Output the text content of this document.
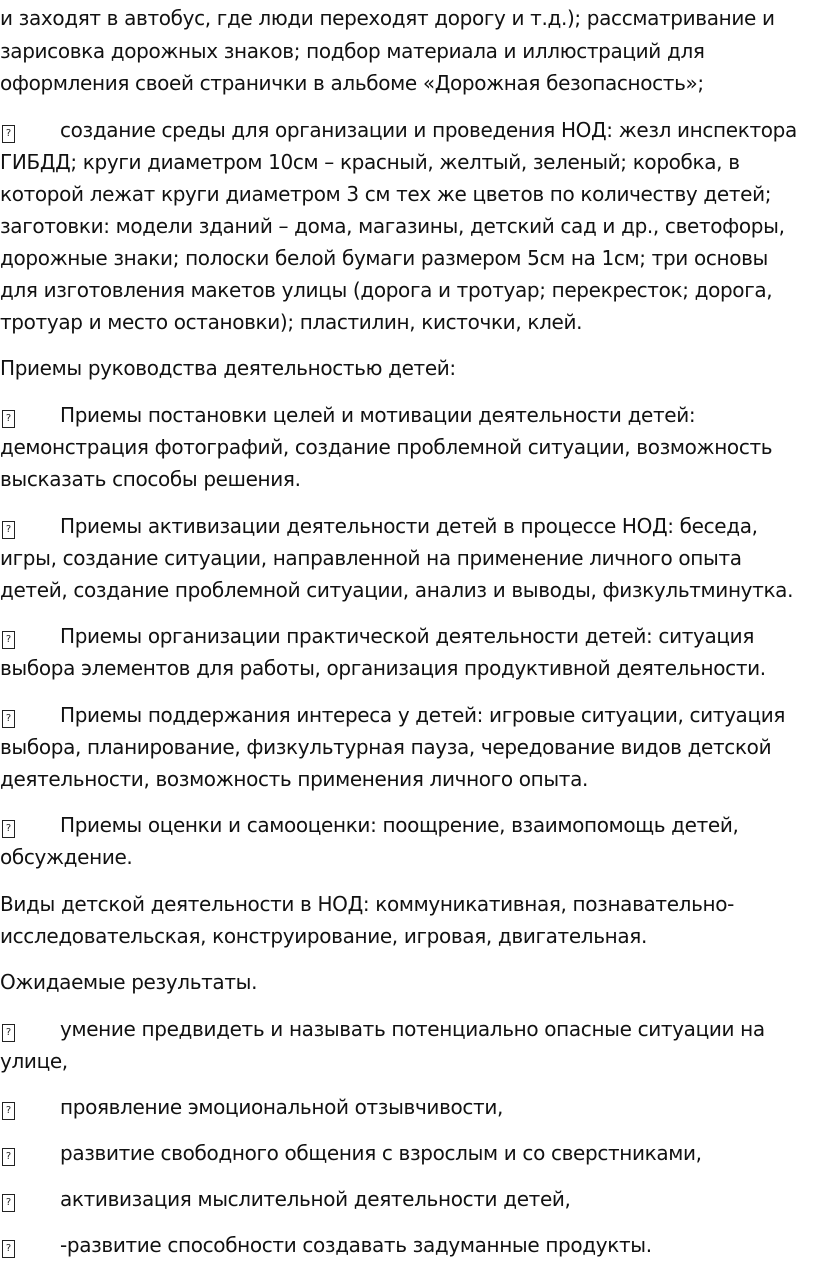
и заходят в автобус, где люди переходят дорогу и т.д.); рассматривание и
зарисовка дорожных знаков; подбор материала и иллюстраций для
оформления своей странички в альбоме «Дорожная безопасность»;
? создание среды для организации и проведения НОД: жезл инспектора
ГИБДД; круги диаметром 10см – красный, желтый, зеленый; коробка, в
которой лежат круги диаметром 3 см тех же цветов по количеству детей;
заготовки: модели зданий – дома, магазины, детский сад и др., светофоры,
дорожные знаки; полоски белой бумаги размером 5см на 1см; три основы
для изготовления макетов улицы (дорога и тротуар; перекресток; дорога,
тротуар и место остановки); пластилин, кисточки, клей.
Приемы руководства деятельностью детей:
? Приемы постановки целей и мотивации деятельности детей:
демонстрация фотографий, создание проблемной ситуации, возможность
высказать способы решения.
? Приемы активизации деятельности детей в процессе НОД: беседа,
игры, создание ситуации, направленной на применение личного опыта
детей, создание проблемной ситуации, анализ и выводы, физкультминутка.
? Приемы организации практической деятельности детей: ситуация
выбора элементов для работы, организация продуктивной деятельности.
? Приемы поддержания интереса у детей: игровые ситуации, ситуация
выбора, планирование, физкультурная пауза, чередование видов детской
деятельности, возможность применения личного опыта.
? Приемы оценки и самооценки: поощрение, взаимопомощь детей,
обсуждение.
Виды детской деятельности в НОД: коммуникативная, познавательно-
исследовательская, конструирование, игровая, двигательная.
Ожидаемые результаты.
? умение предвидеть и называть потенциально опасные ситуации на
улице,
? проявление эмоциональной отзывчивости,
? развитие свободного общения с взрослым и со сверстниками,
? активизация мыслительной деятельности детей,
? -развитие способности создавать задуманные продукты.
